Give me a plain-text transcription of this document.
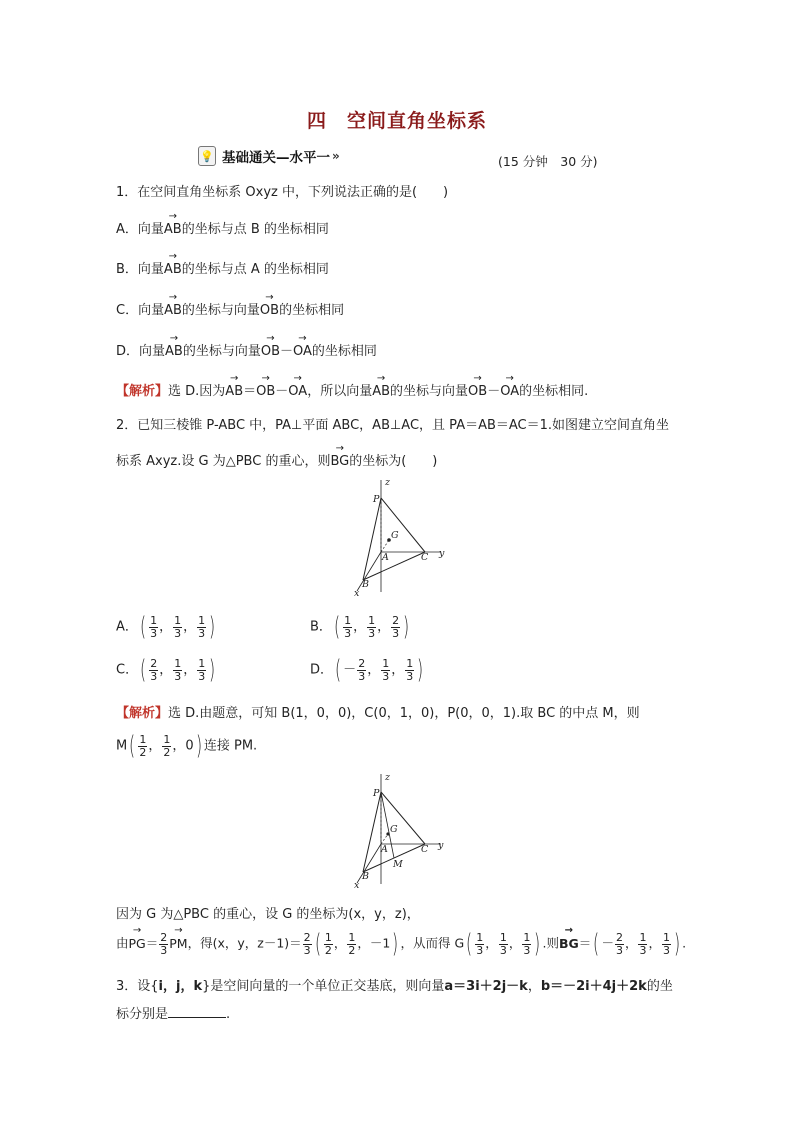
四　空间直角坐标系
💡 基础通关—水平一 »	(15 分钟　30 分)
1．在空间直角坐标系 Oxyz 中，下列说法正确的是(　　)
A．向量→ AB的坐标与点 B 的坐标相同
B．向量→ AB的坐标与点 A 的坐标相同
C．向量→ AB的坐标与向量→ OB的坐标相同
D．向量→ AB的坐标与向量→ OB－→ OA的坐标相同
【解析】选 D.因为→ AB＝→ OB－→ OA，所以向量→ AB的坐标与向量→ OB－→ OA的坐标相同.
2．已知三棱锥 P-ABC 中，PA⊥平面 ABC，AB⊥AC，且 PA＝AB＝AC＝1.如图建立空间直角坐
标系 Axyz.设 G 为△PBC 的重心，则→ BG的坐标为(　　)
z
P
G
A	C y
B
x
A．( $\frac{1}{3}$ ， $\frac{1}{3}$ ， $\frac{1}{3}$ )	B．( $\frac{1}{3}$ ， $\frac{1}{3}$ ， $\frac{2}{3}$ )
C．( $\frac{2}{3}$ ， $\frac{1}{3}$ ， $\frac{1}{3}$ )	D．( － $\frac{2}{3}$ ， $\frac{1}{3}$ ， $\frac{1}{3}$ )
【解析】选 D.由题意，可知 B(1，0，0)，C(0，1，0)，P(0，0，1).取 BC 的中点 M，则
$M( \frac{1}{2}$ ， $\frac{1}{2}$ ，0) 连接 PM.
z
P
G
A	C y
M
B
x
因为 G 为△PBC 的重心，设 G 的坐标为(x，y，z)，
由→ $PG= \frac{2}{3}$
→ PM，得(x，y，$z-1)= \frac{2}{3}$ ( $\frac{1}{2}$ ， $\frac{1}{2}$ ，－1) ，从而得 $G( \frac{1}{3}$ ， $\frac{1}{3}$ ， $\frac{1}{3}$ ) .则→ $BG=( - \frac{2}{3}$ ， $\frac{1}{3}$ ， $\frac{1}{3}$ ) .
3．设{i，j，k}是空间向量的一个单位正交基底，则向量a＝3i＋2j－k，b＝－2i＋4j＋2k的坐
标分别是	.
